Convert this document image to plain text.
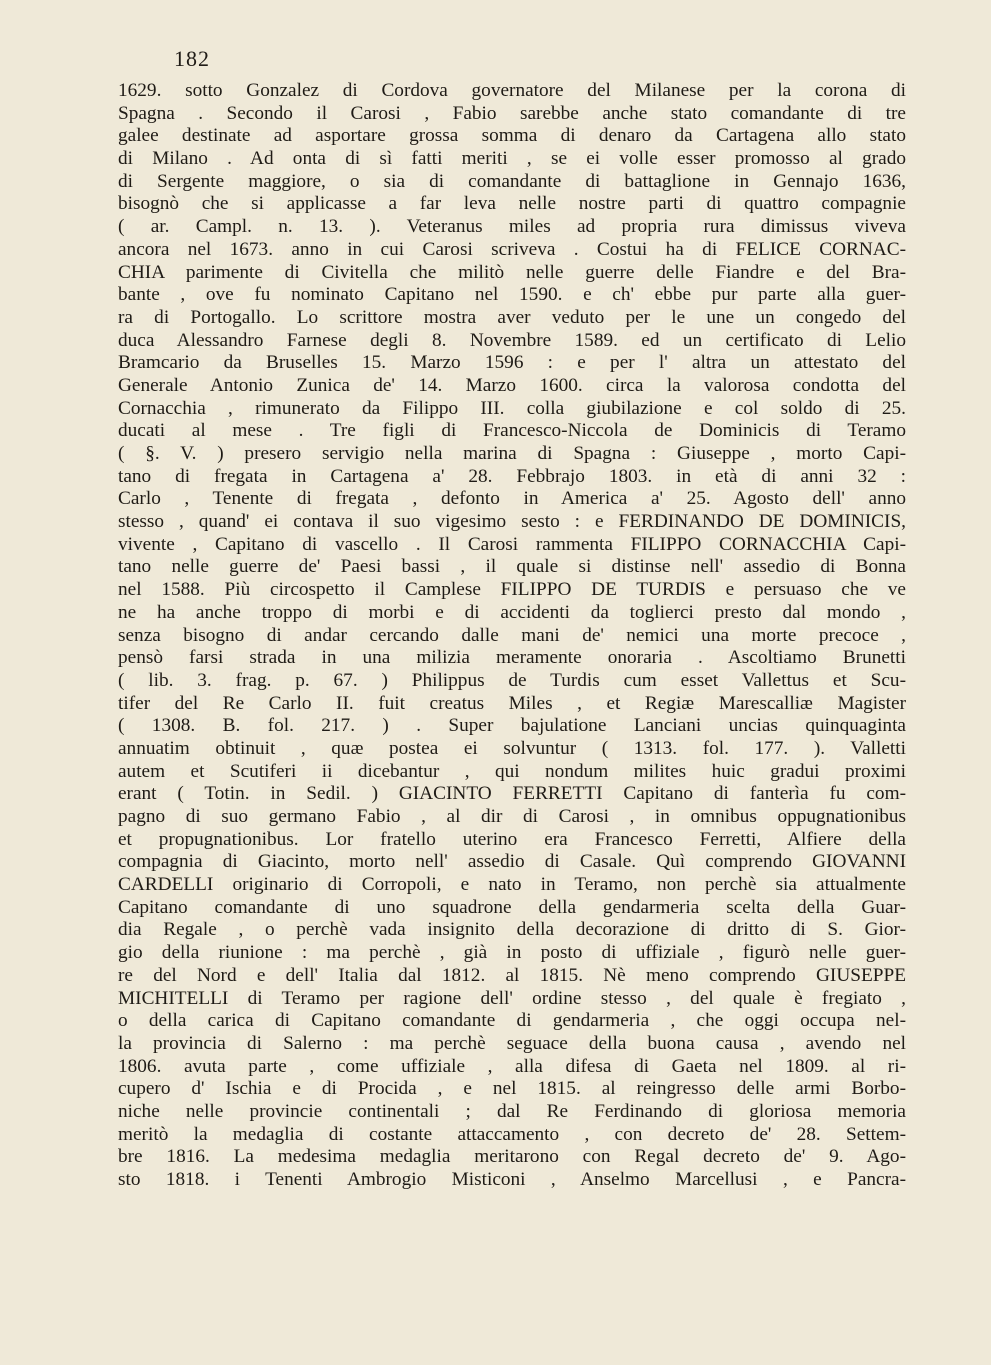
182
1629. sotto Gonzalez di Cordova governatore del Milanese per la corona di
Spagna . Secondo il Carosi , Fabio sarebbe anche stato comandante di tre
galee destinate ad asportare grossa somma di denaro da Cartagena allo stato
di Milano . Ad onta di sì fatti meriti , se ei volle esser promosso al grado
di Sergente maggiore, o sia di comandante di battaglione in Gennajo 1636,
bisognò che si applicasse a far leva nelle nostre parti di quattro compagnie
( ar. Campl. n. 13. ). Veteranus miles ad propria rura dimissus viveva
ancora nel 1673. anno in cui Carosi scriveva . Costui ha di FELICE CORNAC-
CHIA parimente di Civitella che militò nelle guerre delle Fiandre e del Bra-
bante , ove fu nominato Capitano nel 1590. e ch' ebbe pur parte alla guer-
ra di Portogallo. Lo scrittore mostra aver veduto per le une un congedo del
duca Alessandro Farnese degli 8. Novembre 1589. ed un certificato di Lelio
Bramcario da Bruselles 15. Marzo 1596 : e per l' altra un attestato del
Generale Antonio Zunica de' 14. Marzo 1600. circa la valorosa condotta del
Cornacchia , rimunerato da Filippo III. colla giubilazione e col soldo di 25.
ducati al mese . Tre figli di Francesco-Niccola de Dominicis di Teramo
( §. V. ) presero servigio nella marina di Spagna : Giuseppe , morto Capi-
tano di fregata in Cartagena a' 28. Febbrajo 1803. in età di anni 32 :
Carlo , Tenente di fregata , defonto in America a' 25. Agosto dell' anno
stesso , quand' ei contava il suo vigesimo sesto : e FERDINANDO DE DOMINICIS,
vivente , Capitano di vascello . Il Carosi rammenta FILIPPO CORNACCHIA Capi-
tano nelle guerre de' Paesi bassi , il quale si distinse nell' assedio di Bonna
nel 1588. Più circospetto il Camplese FILIPPO DE TURDIS e persuaso che ve
ne ha anche troppo di morbi e di accidenti da toglierci presto dal mondo ,
senza bisogno di andar cercando dalle mani de' nemici una morte precoce ,
pensò farsi strada in una milizia meramente onoraria . Ascoltiamo Brunetti
( lib. 3. frag. p. 67. ) Philippus de Turdis cum esset Vallettus et Scu-
tifer del Re Carlo II. fuit creatus Miles , et Regiæ Marescalliæ Magister
( 1308. B. fol. 217. ) . Super bajulatione Lanciani uncias quinquaginta
annuatim obtinuit , quæ postea ei solvuntur ( 1313. fol. 177. ). Valletti
autem et Scutiferi ii dicebantur , qui nondum milites huic gradui proximi
erant ( Totin. in Sedil. ) GIACINTO FERRETTI Capitano di fanterìa fu com-
pagno di suo germano Fabio , al dir di Carosi , in omnibus oppugnationibus
et propugnationibus. Lor fratello uterino era Francesco Ferretti, Alfiere della
compagnia di Giacinto, morto nell' assedio di Casale. Quì comprendo GIOVANNI
CARDELLI originario di Corropoli, e nato in Teramo, non perchè sia attualmente
Capitano comandante di uno squadrone della gendarmeria scelta della Guar-
dia Regale , o perchè vada insignito della decorazione di dritto di S. Gior-
gio della riunione : ma perchè , già in posto di uffiziale , figurò nelle guer-
re del Nord e dell' Italia dal 1812. al 1815. Nè meno comprendo GIUSEPPE
MICHITELLI di Teramo per ragione dell' ordine stesso , del quale è fregiato ,
o della carica di Capitano comandante di gendarmeria , che oggi occupa nel-
la provincia di Salerno : ma perchè seguace della buona causa , avendo nel
1806. avuta parte , come uffiziale , alla difesa di Gaeta nel 1809. al ri-
cupero d' Ischia e di Procida , e nel 1815. al reingresso delle armi Borbo-
niche nelle provincie continentali ; dal Re Ferdinando di gloriosa memoria
meritò la medaglia di costante attaccamento , con decreto de' 28. Settem-
bre 1816. La medesima medaglia meritarono con Regal decreto de' 9. Ago-
sto 1818. i Tenenti Ambrogio Misticoni , Anselmo Marcellusi , e Pancra-
